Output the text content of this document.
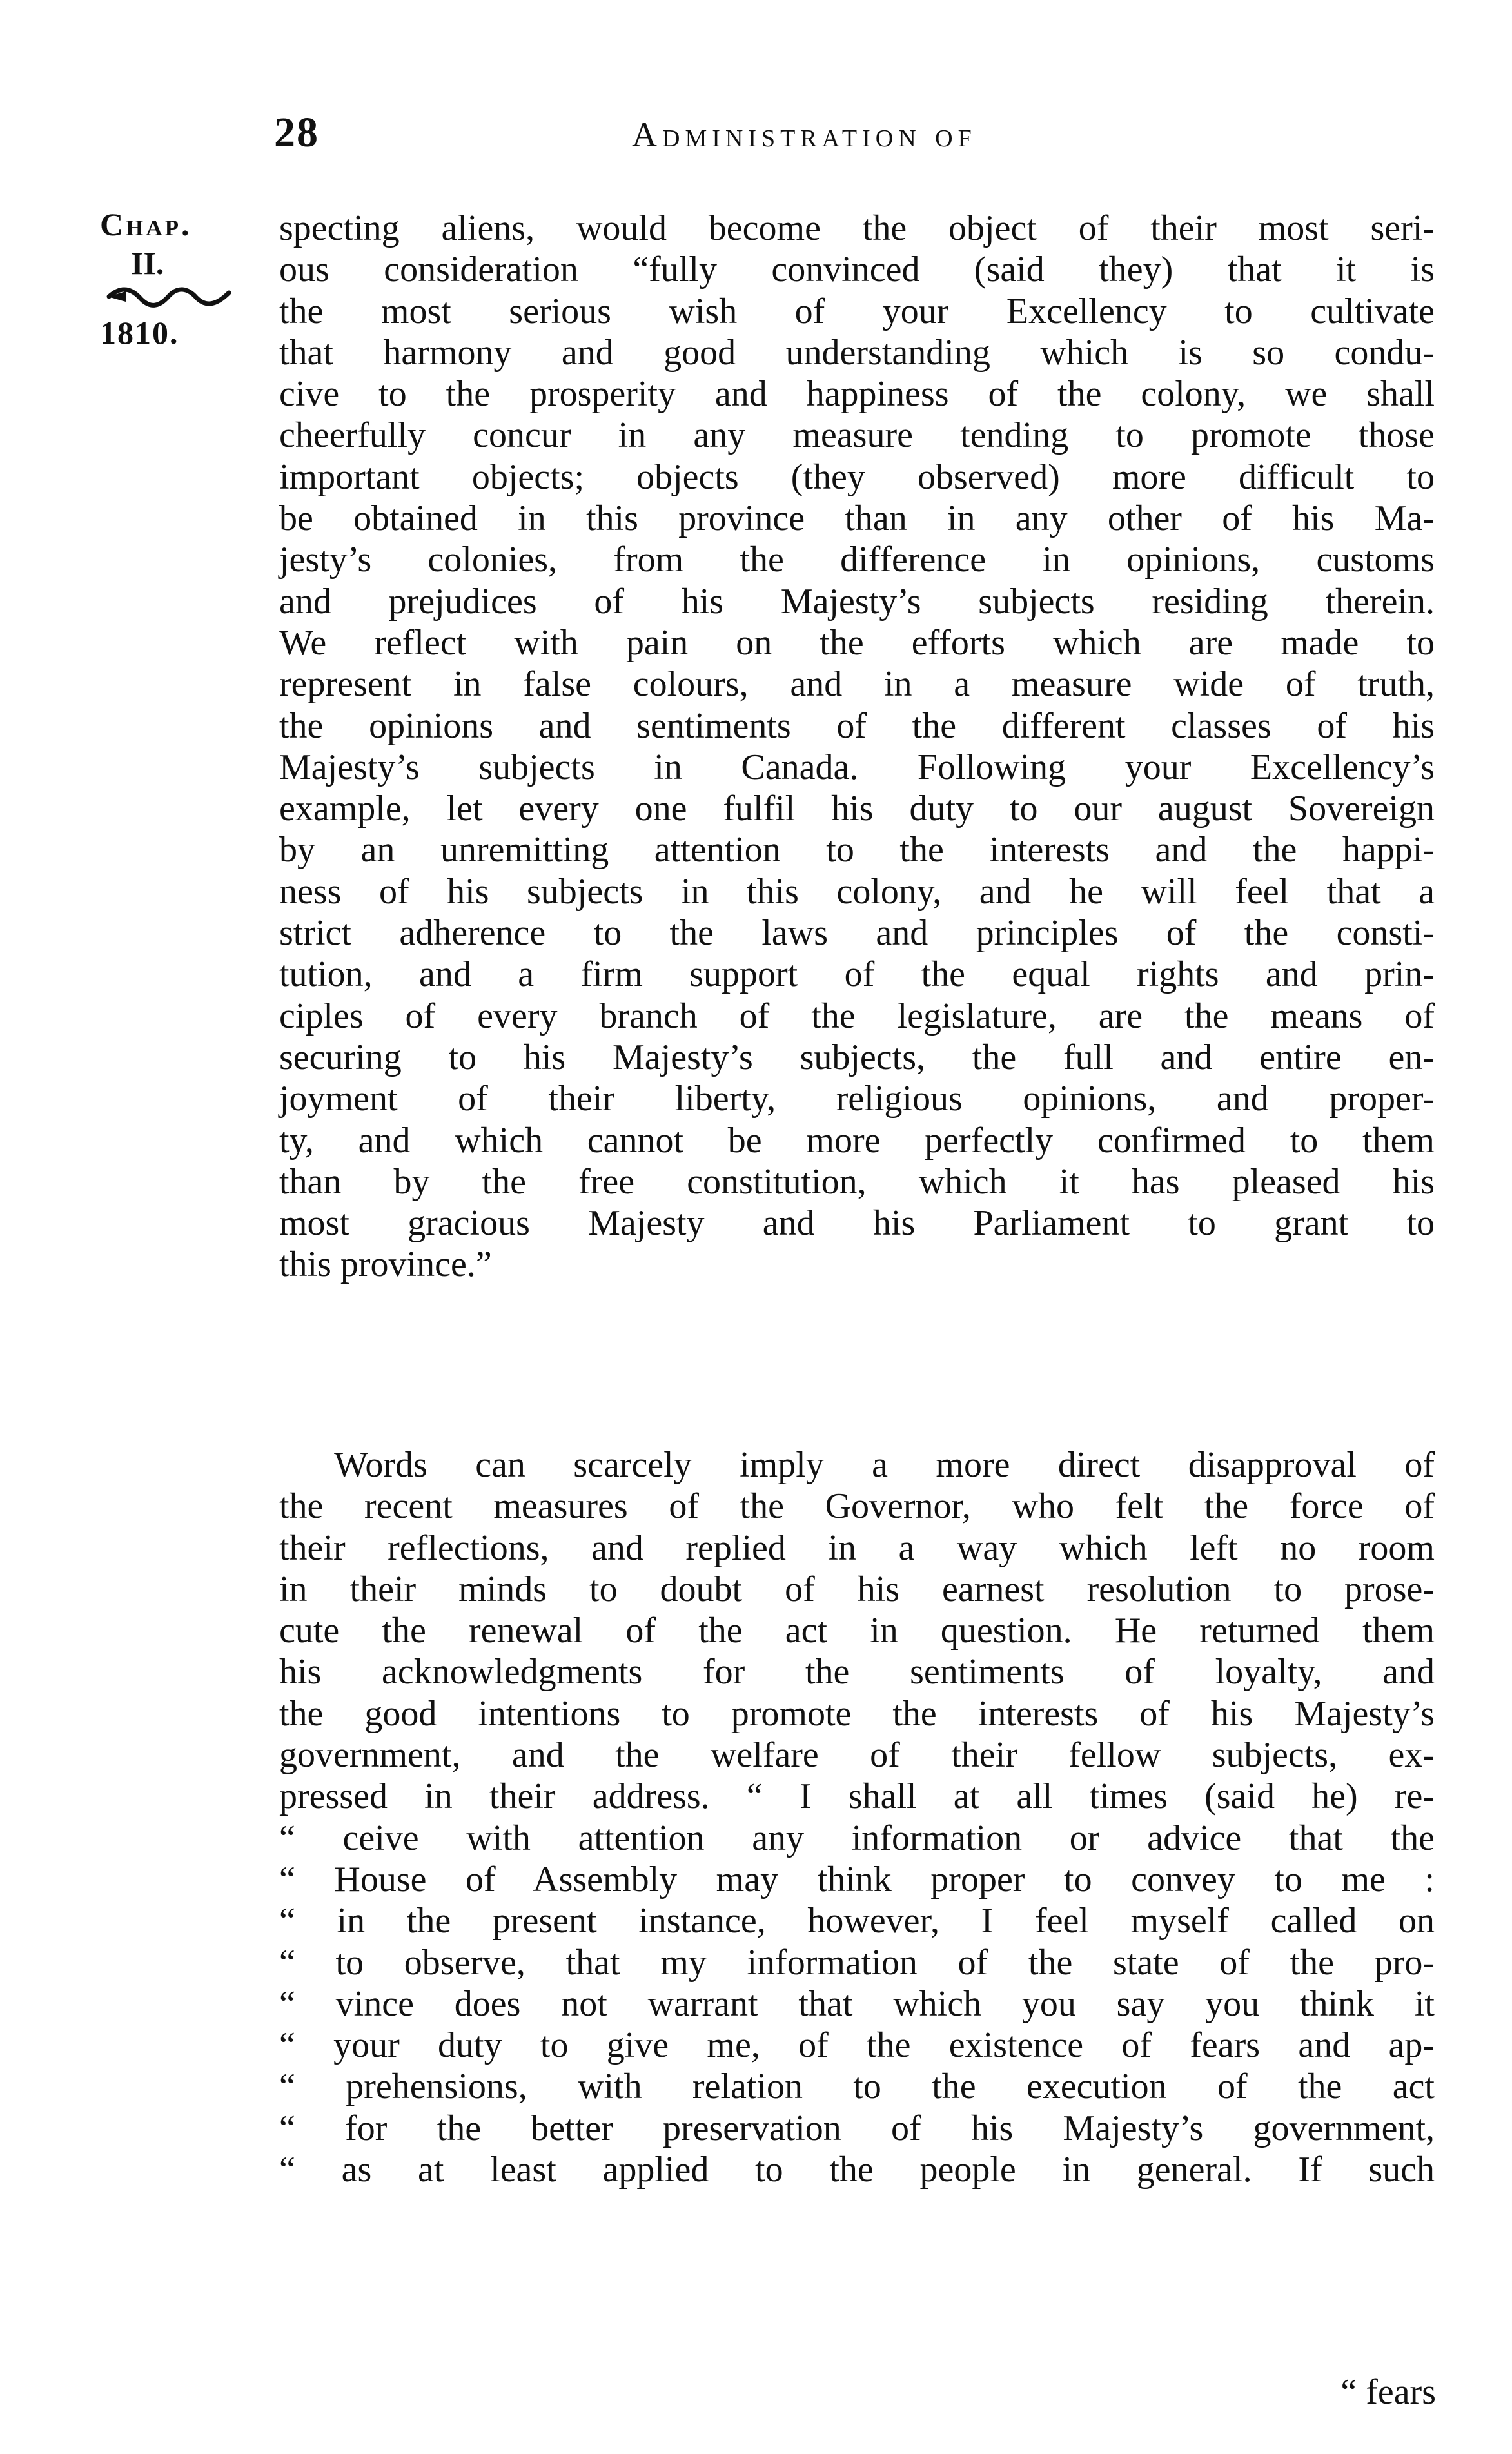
28	Administration of
Chap.
II.
1810.
specting aliens, would become the object of their most seri-
ous consideration “fully convinced (said they) that it is
the most serious wish of your Excellency to cultivate
that harmony and good understanding which is so condu-
cive to the prosperity and happiness of the colony, we shall
cheerfully concur in any measure tending to promote those
important objects; objects (they observed) more difficult to
be obtained in this province than in any other of his Ma-
jesty’s colonies, from the difference in opinions, customs
and prejudices of his Majesty’s subjects residing therein.
We reflect with pain on the efforts which are made to
represent in false colours, and in a measure wide of truth,
the opinions and sentiments of the different classes of his
Majesty’s subjects in Canada. Following your Excellency’s
example, let every one fulfil his duty to our august Sovereign
by an unremitting attention to the interests and the happi-
ness of his subjects in this colony, and he will feel that a
strict adherence to the laws and principles of the consti-
tution, and a firm support of the equal rights and prin-
ciples of every branch of the legislature, are the means of
securing to his Majesty’s subjects, the full and entire en-
joyment of their liberty, religious opinions, and proper-
ty, and which cannot be more perfectly confirmed to them
than by the free constitution, which it has pleased his
most gracious Majesty and his Parliament to grant to
this province.”
Words can scarcely imply a more direct disapproval of
the recent measures of the Governor, who felt the force of
their reflections, and replied in a way which left no room
in their minds to doubt of his earnest resolution to prose-
cute the renewal of the act in question. He returned them
his acknowledgments for the sentiments of loyalty, and
the good intentions to promote the interests of his Majesty’s
government, and the welfare of their fellow subjects, ex-
pressed in their address. “ I shall at all times (said he) re-
“ ceive with attention any information or advice that the
“ House of Assembly may think proper to convey to me :
“ in the present instance, however, I feel myself called on
“ to observe, that my information of the state of the pro-
“ vince does not warrant that which you say you think it
“ your duty to give me, of the existence of fears and ap-
“ prehensions, with relation to the execution of the act
“ for the better preservation of his Majesty’s government,
“ as at least applied to the people in general. If such
“ fears
